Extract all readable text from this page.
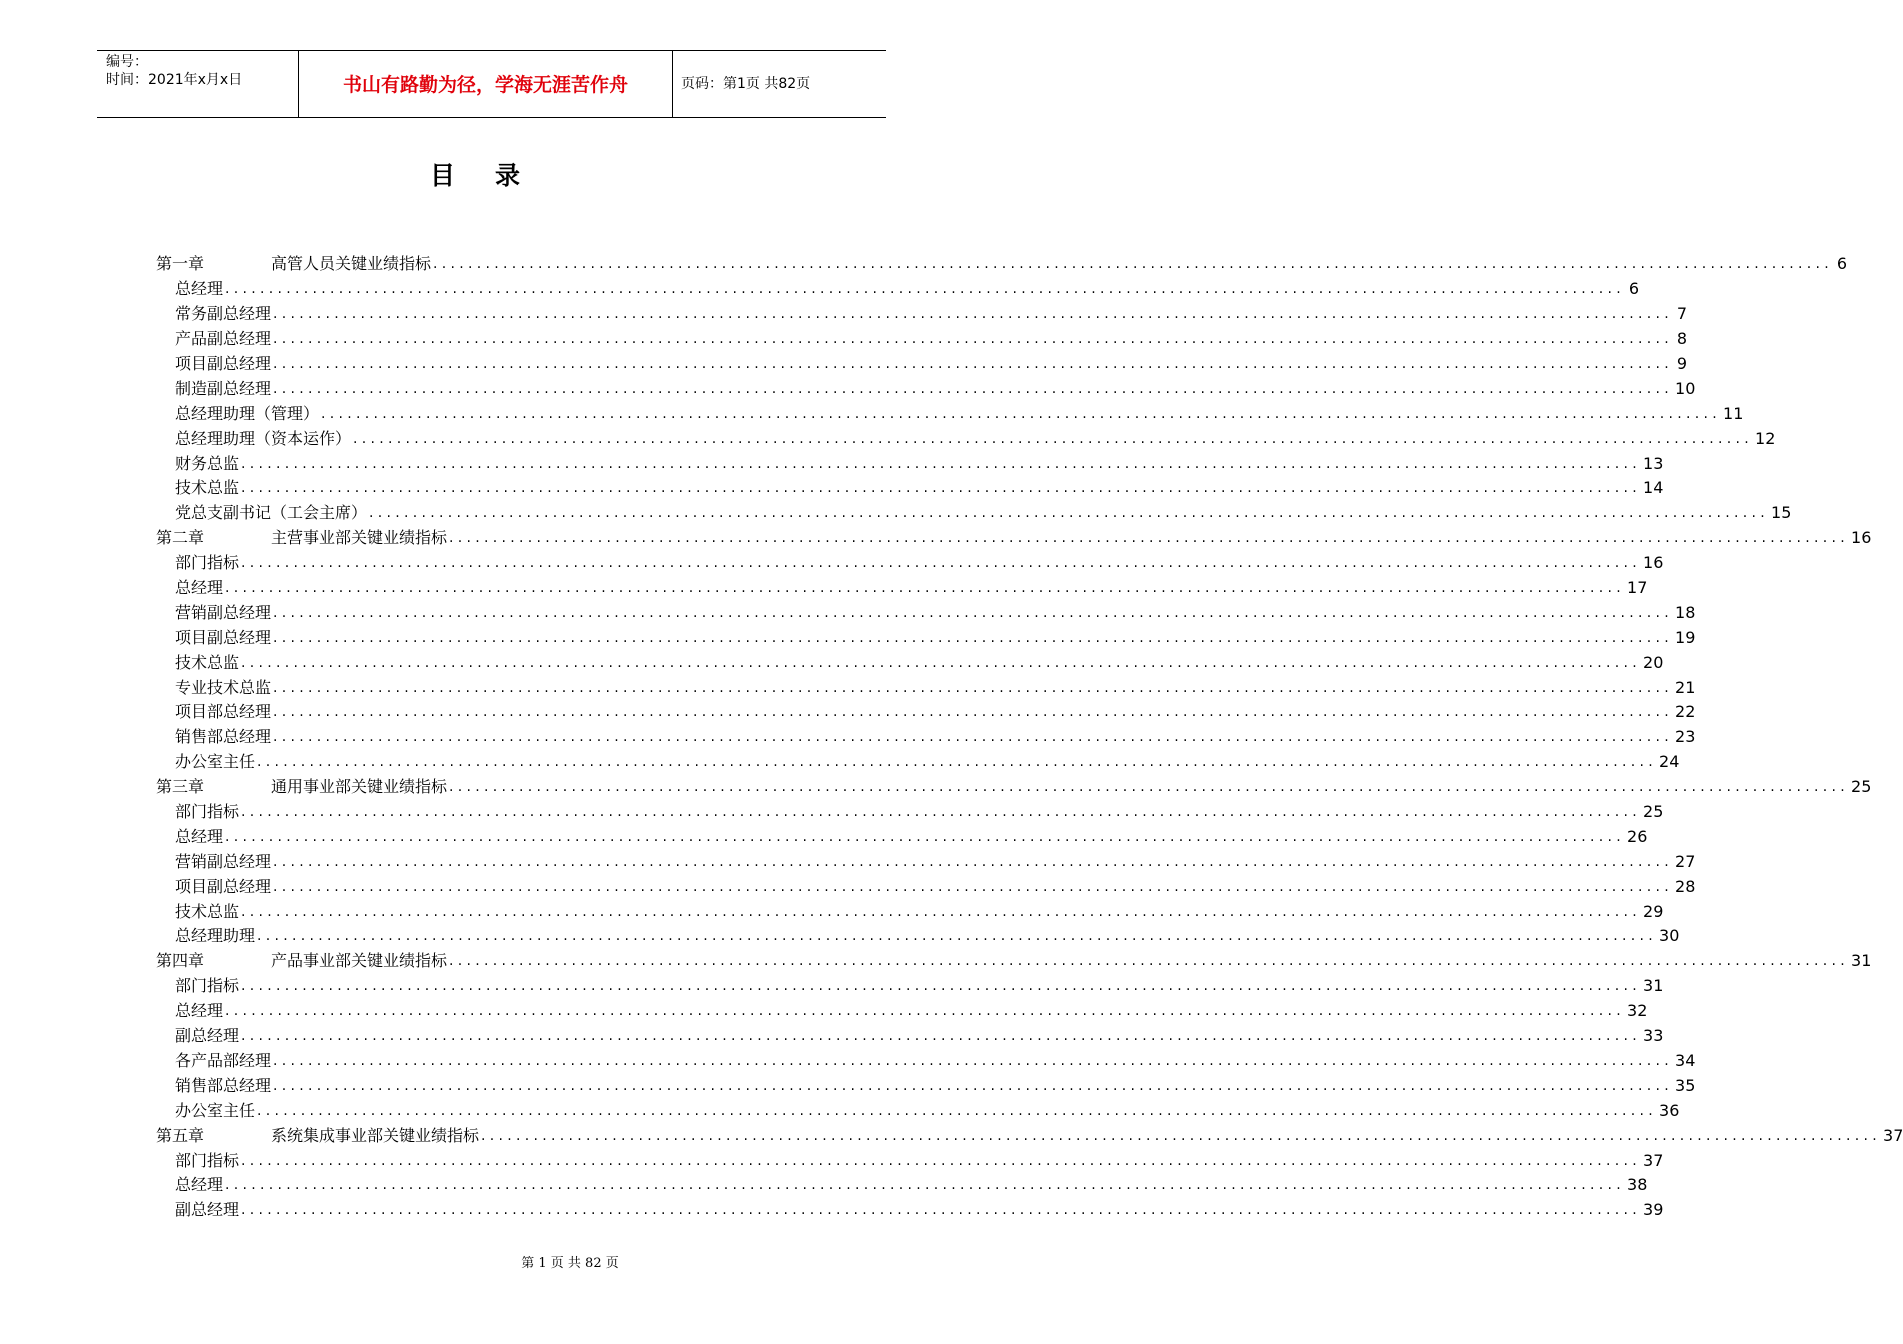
编号：
时间：2021年x月x日	书山有路勤为径，学海无涯苦作舟	页码：第1页 共82页
目录
第一章	高管人员关键业绩指标 ................................................................................................................................................................ 6
总经理 ................................................................................................................................................................ 6
常务副总经理 ................................................................................................................................................................ 7
产品副总经理 ................................................................................................................................................................ 8
项目副总经理 ................................................................................................................................................................ 9
制造副总经理 ................................................................................................................................................................ 10
总经理助理（管理） ................................................................................................................................................................ 11
总经理助理（资本运作） ................................................................................................................................................................ 12
财务总监 ................................................................................................................................................................ 13
技术总监 ................................................................................................................................................................ 14
党总支副书记（工会主席） ................................................................................................................................................................ 15
第二章	主营事业部关键业绩指标 ................................................................................................................................................................ 16
部门指标 ................................................................................................................................................................ 16
总经理 ................................................................................................................................................................ 17
营销副总经理 ................................................................................................................................................................ 18
项目副总经理 ................................................................................................................................................................ 19
技术总监 ................................................................................................................................................................ 20
专业技术总监 ................................................................................................................................................................ 21
项目部总经理 ................................................................................................................................................................ 22
销售部总经理 ................................................................................................................................................................ 23
办公室主任 ................................................................................................................................................................ 24
第三章	通用事业部关键业绩指标 ................................................................................................................................................................ 25
部门指标 ................................................................................................................................................................ 25
总经理 ................................................................................................................................................................ 26
营销副总经理 ................................................................................................................................................................ 27
项目副总经理 ................................................................................................................................................................ 28
技术总监 ................................................................................................................................................................ 29
总经理助理 ................................................................................................................................................................ 30
第四章	产品事业部关键业绩指标 ................................................................................................................................................................ 31
部门指标 ................................................................................................................................................................ 31
总经理 ................................................................................................................................................................ 32
副总经理 ................................................................................................................................................................ 33
各产品部经理 ................................................................................................................................................................ 34
销售部总经理 ................................................................................................................................................................ 35
办公室主任 ................................................................................................................................................................ 36
第五章	系统集成事业部关键业绩指标 ................................................................................................................................................................ 37
部门指标 ................................................................................................................................................................ 37
总经理 ................................................................................................................................................................ 38
副总经理 ................................................................................................................................................................ 39
第 1 页 共 82 页
